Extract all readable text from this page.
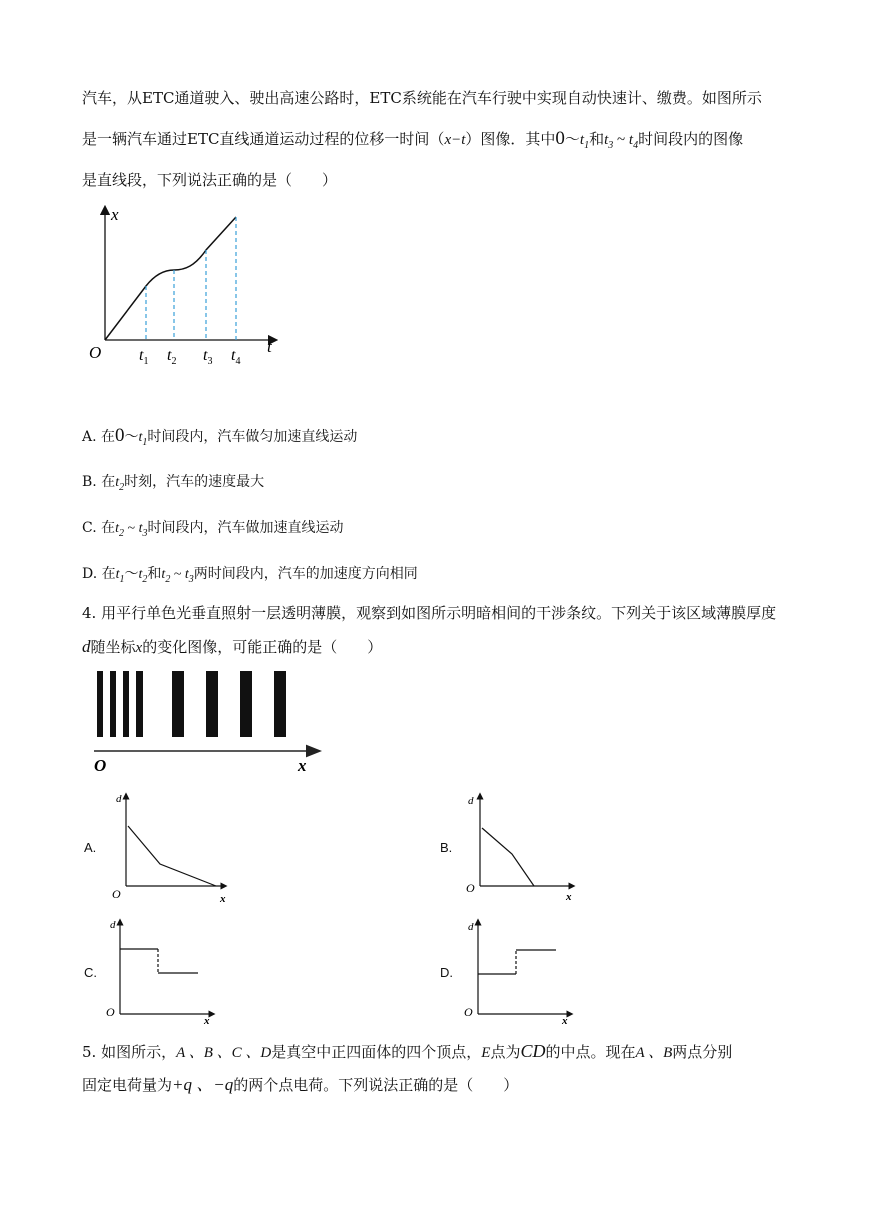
汽车，从ETC通道驶入、驶出高速公路时，ETC系统能在汽车行驶中实现自动快速计、缴费。如图所示
是一辆汽车通过ETC直线通道运动过程的位移一时间（x−t）图像．其中$0\sim t_1$和$t_3$ ~ $t_4$时间段内的图像
是直线段，下列说法正确的是（　　）
x
t
O $t_1$ $t_2$ $t_3$ $t_4$
A. 在$0\sim t_1$时间段内，汽车做匀加速直线运动
B. 在$t_2$时刻，汽车的速度最大
C. 在$t_2$ ~ $t_3$时间段内，汽车做加速直线运动
D. 在$t_1\sim t_2$和$t_2$ ~ $t_3$两时间段内，汽车的加速度方向相同
4. 用平行单色光垂直照射一层透明薄膜，观察到如图所示明暗相间的干涉条纹。下列关于该区域薄膜厚度
d随坐标x的变化图像，可能正确的是（　　）
O	x
A.	B.
C.	D.
d
x
O
d
x
O
d
x
O
d
x
O
5. 如图所示，A 、B 、C 、D是真空中正四面体的四个顶点，E点为CD的中点。现在A 、B两点分别
固定电荷量为+q 、−q的两个点电荷。下列说法正确的是（　　）
